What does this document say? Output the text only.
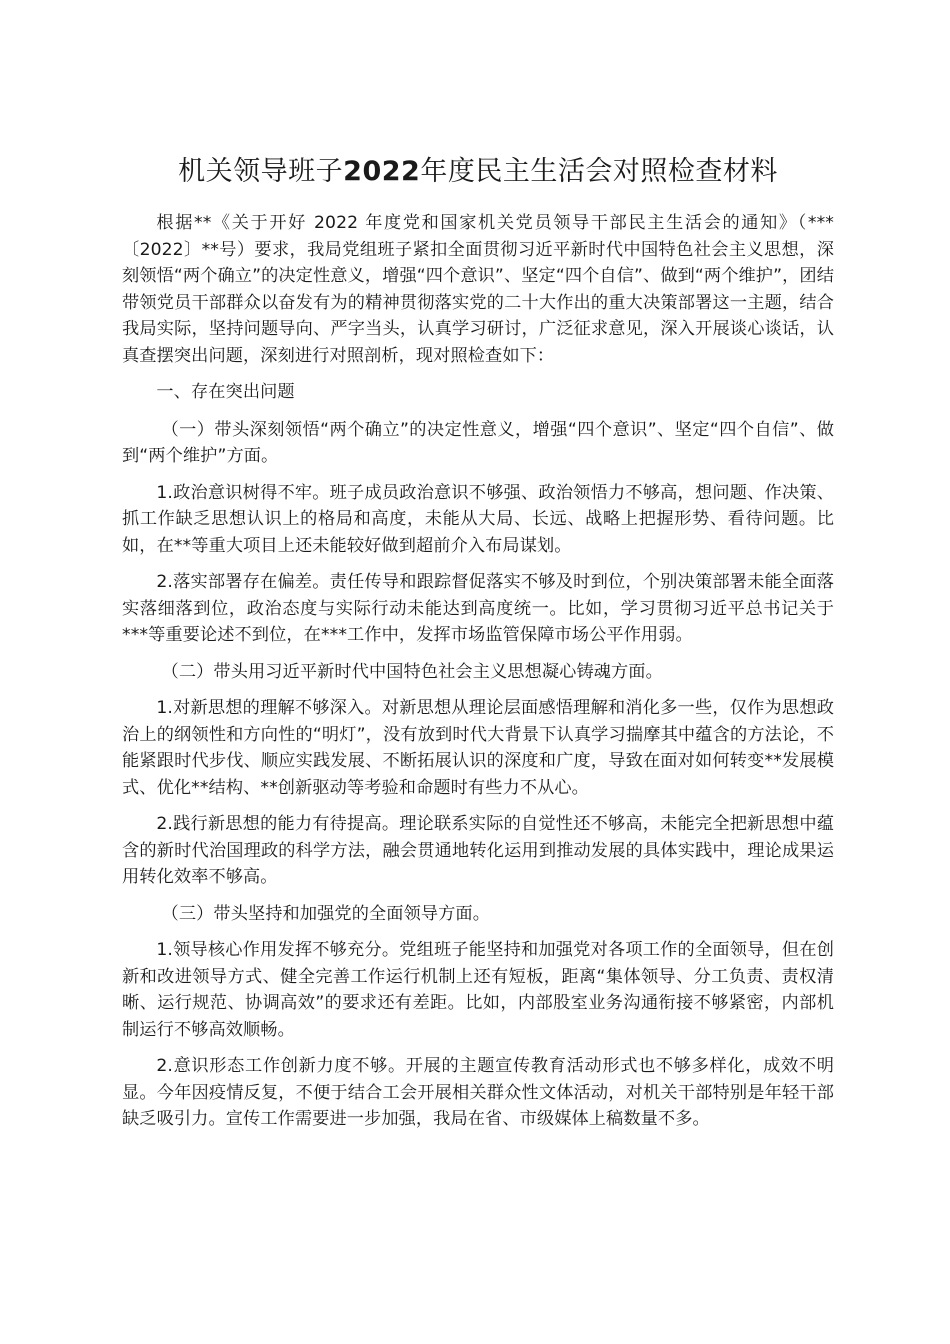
机关领导班子2022年度民主生活会对照检查材料

根据**《关于开好 2022 年度党和国家机关党员领导干部民主生活会的通知》（***〔2022〕**号）要求，我局党组班子紧扣全面贯彻习近平新时代中国特色社会主义思想，深刻领悟“两个确立”的决定性意义，增强“四个意识”、坚定“四个自信”、做到“两个维护”，团结带领党员干部群众以奋发有为的精神贯彻落实党的二十大作出的重大决策部署这一主题，结合我局实际，坚持问题导向、严字当头，认真学习研讨，广泛征求意见，深入开展谈心谈话，认真查摆突出问题，深刻进行对照剖析，现对照检查如下：

一、存在突出问题

（一）带头深刻领悟“两个确立”的决定性意义，增强“四个意识”、坚定“四个自信”、做到“两个维护”方面。

1.政治意识树得不牢。班子成员政治意识不够强、政治领悟力不够高，想问题、作决策、抓工作缺乏思想认识上的格局和高度，未能从大局、长远、战略上把握形势、看待问题。比如，在**等重大项目上还未能较好做到超前介入布局谋划。

2.落实部署存在偏差。责任传导和跟踪督促落实不够及时到位，个别决策部署未能全面落实落细落到位，政治态度与实际行动未能达到高度统一。比如，学习贯彻习近平总书记关于***等重要论述不到位，在***工作中，发挥市场监管保障市场公平作用弱。

（二）带头用习近平新时代中国特色社会主义思想凝心铸魂方面。

1.对新思想的理解不够深入。对新思想从理论层面感悟理解和消化多一些，仅作为思想政治上的纲领性和方向性的“明灯”，没有放到时代大背景下认真学习揣摩其中蕴含的方法论，不能紧跟时代步伐、顺应实践发展、不断拓展认识的深度和广度，导致在面对如何转变**发展模式、优化**结构、**创新驱动等考验和命题时有些力不从心。

2.践行新思想的能力有待提高。理论联系实际的自觉性还不够高，未能完全把新思想中蕴含的新时代治国理政的科学方法，融会贯通地转化运用到推动发展的具体实践中，理论成果运用转化效率不够高。

（三）带头坚持和加强党的全面领导方面。

1.领导核心作用发挥不够充分。党组班子能坚持和加强党对各项工作的全面领导，但在创新和改进领导方式、健全完善工作运行机制上还有短板，距离“集体领导、分工负责、责权清晰、运行规范、协调高效”的要求还有差距。比如，内部股室业务沟通衔接不够紧密，内部机制运行不够高效顺畅。

2.意识形态工作创新力度不够。开展的主题宣传教育活动形式也不够多样化，成效不明显。今年因疫情反复，不便于结合工会开展相关群众性文体活动，对机关干部特别是年轻干部缺乏吸引力。宣传工作需要进一步加强，我局在省、市级媒体上稿数量不多。
